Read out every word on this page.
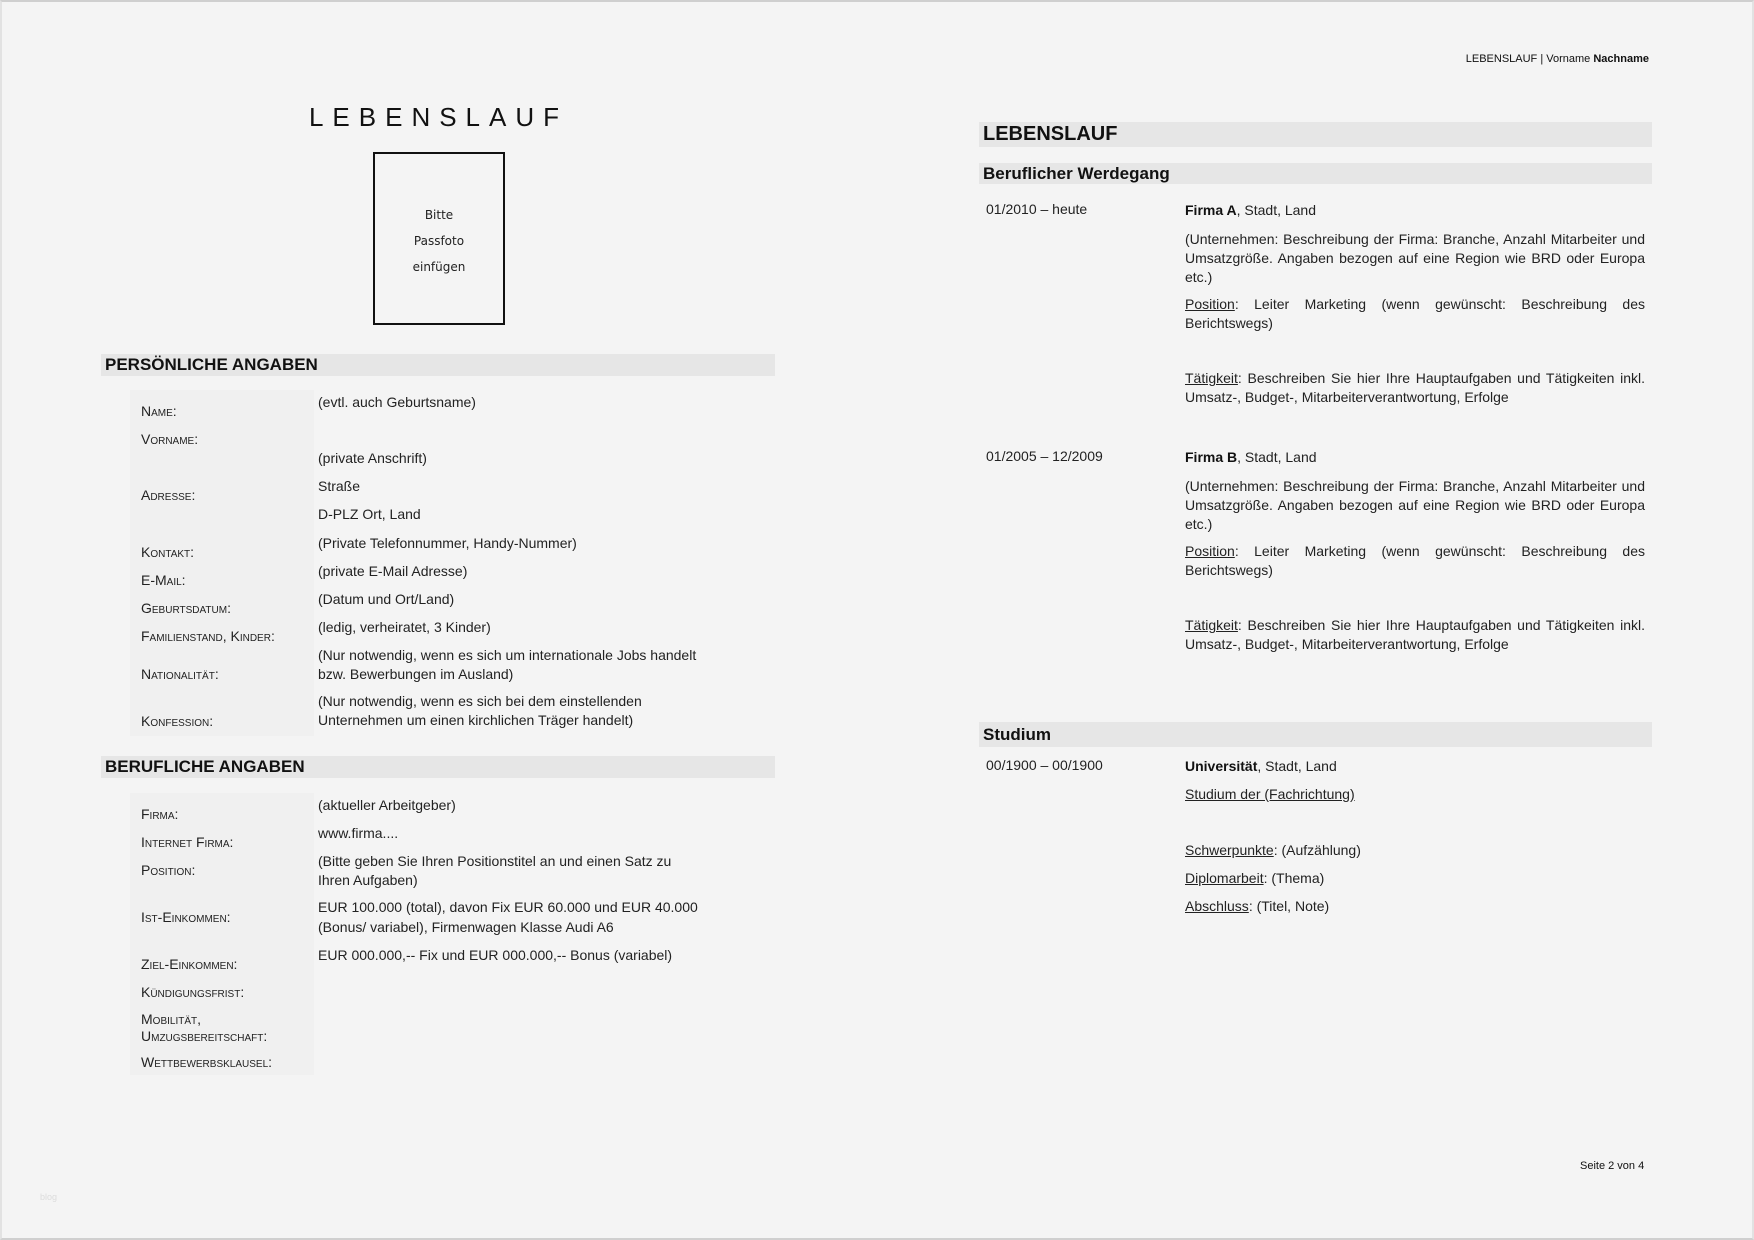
LEBENSLAUF
Bitte
Passfoto
einfügen
PERSÖNLICHE ANGABEN
Name:
(evtl. auch Geburtsname)
Vorname:
Adresse:
(private Anschrift)
Straße
D-PLZ Ort, Land
Kontakt:
(Private Telefonnummer, Handy-Nummer)
E-Mail:
(private E-Mail Adresse)
Geburtsdatum:
(Datum und Ort/Land)
Familienstand, Kinder:
(ledig, verheiratet, 3 Kinder)
Nationalität:
(Nur notwendig, wenn es sich um internationale Jobs handelt
bzw. Bewerbungen im Ausland)
Konfession:
(Nur notwendig, wenn es sich bei dem einstellenden
Unternehmen um einen kirchlichen Träger handelt)
BERUFLICHE ANGABEN
Firma:
(aktueller Arbeitgeber)
Internet Firma:
www.firma....
Position:
(Bitte geben Sie Ihren Positionstitel an und einen Satz zu
Ihren Aufgaben)
Ist-Einkommen:
EUR 100.000 (total), davon Fix EUR 60.000 und EUR 40.000
(Bonus/ variabel), Firmenwagen Klasse Audi A6
Ziel-Einkommen:
EUR 000.000,-- Fix und EUR 000.000,-- Bonus (variabel)
Kündigungsfrist:
Mobilität,
Umzugsbereitschaft:
Wettbewerbsklausel:
blog
LEBENSLAUF | Vorname Nachname
LEBENSLAUF
Beruflicher Werdegang
01/2010 – heute	Firma A, Stadt, Land
(Unternehmen: Beschreibung der Firma: Branche, Anzahl Mitarbeiter und Umsatzgröße. Angaben bezogen auf eine Region wie BRD oder Europa etc.)
Position: Leiter Marketing (wenn gewünscht: Beschreibung des Berichtswegs)
Tätigkeit: Beschreiben Sie hier Ihre Hauptaufgaben und Tätigkeiten inkl. Umsatz-, Budget-, Mitarbeiterverantwortung, Erfolge
01/2005 – 12/2009	Firma B, Stadt, Land
(Unternehmen: Beschreibung der Firma: Branche, Anzahl Mitarbeiter und Umsatzgröße. Angaben bezogen auf eine Region wie BRD oder Europa etc.)
Position: Leiter Marketing (wenn gewünscht: Beschreibung des Berichtswegs)
Tätigkeit: Beschreiben Sie hier Ihre Hauptaufgaben und Tätigkeiten inkl. Umsatz-, Budget-, Mitarbeiterverantwortung, Erfolge
Studium
00/1900 – 00/1900	Universität, Stadt, Land
Studium der (Fachrichtung)
Schwerpunkte: (Aufzählung)
Diplomarbeit: (Thema)
Abschluss: (Titel, Note)
Seite 2 von 4
